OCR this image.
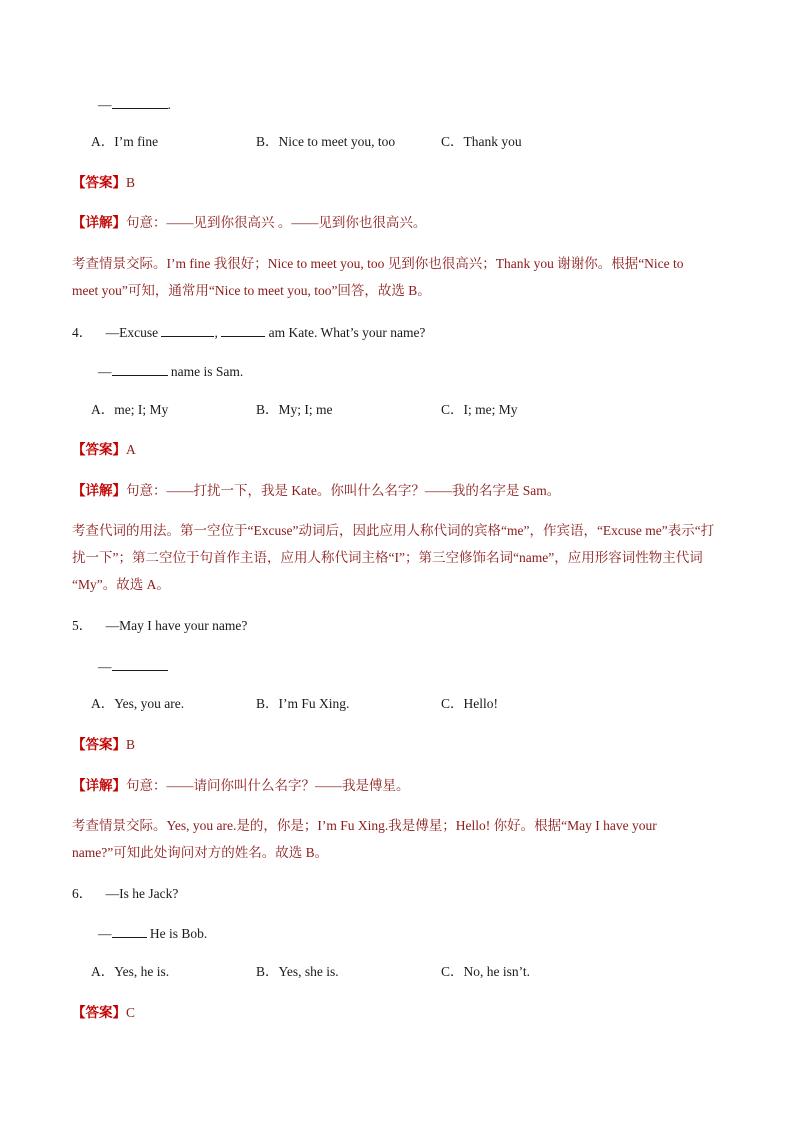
—	.
A．I’m fine	B．Nice to meet you, too	C．Thank you
【答案】B
【详解】句意：——见到你很高兴 。——见到你也很高兴。
考查情景交际。I’m fine 我很好；Nice to meet you, too 见到你也很高兴；Thank you 谢谢你。根据“Nice to
meet you”可知，通常用“Nice to meet you, too”回答，故选 B。
4． —Excuse	,	am Kate. What’s your name?
—	name is Sam.
A．me; I; My	B．My; I; me	C．I; me; My
【答案】A
【详解】句意：——打扰一下，我是 Kate。你叫什么名字？——我的名字是 Sam。
考查代词的用法。第一空位于“Excuse”动词后，因此应用人称代词的宾格“me”，作宾语，“Excuse me”表示“打
扰一下”；第二空位于句首作主语，应用人称代词主格“I”；第三空修饰名词“name”，应用形容词性物主代词
“My”。故选 A。
5． —May I have your name?
—
A．Yes, you are.	B．I’m Fu Xing.	C．Hello!
【答案】B
【详解】句意：——请问你叫什么名字？——我是傅星。
考查情景交际。Yes, you are.是的，你是；I’m Fu Xing.我是傅星；Hello! 你好。根据“May I have your
name?”可知此处询问对方的姓名。故选 B。
6． —Is he Jack?
—	He is Bob.
A．Yes, he is.	B．Yes, she is.	C．No, he isn’t.
【答案】C
